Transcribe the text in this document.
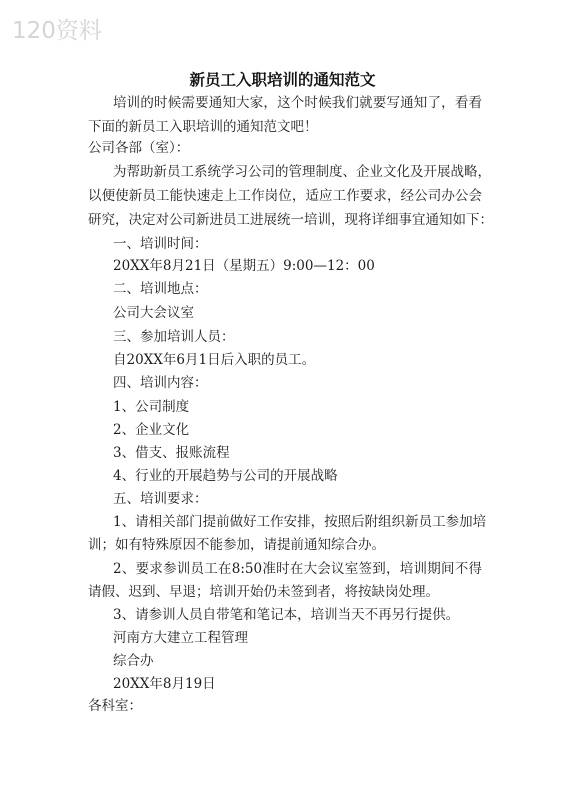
120资料
新员工入职培训的通知范文
培训的时候需要通知大家，这个时候我们就要写通知了，看看
下面的新员工入职培训的通知范文吧！
公司各部（室）：
为帮助新员工系统学习公司的管理制度、企业文化及开展战略，
以便使新员工能快速走上工作岗位，适应工作要求，经公司办公会
研究，决定对公司新进员工进展统一培训，现将详细事宜通知如下：
一、培训时间：
20XX年8月21日（星期五）9:00—12：00
二、培训地点：
公司大会议室
三、参加培训人员：
自20XX年6月1日后入职的员工。
四、培训内容：
1、公司制度
2、企业文化
3、借支、报账流程
4、行业的开展趋势与公司的开展战略
五、培训要求：
1、请相关部门提前做好工作安排，按照后附组织新员工参加培
训；如有特殊原因不能参加，请提前通知综合办。
2、要求参训员工在8:50准时在大会议室签到，培训期间不得
请假、迟到、早退；培训开始仍未签到者，将按缺岗处理。
3、请参训人员自带笔和笔记本，培训当天不再另行提供。
河南方大建立工程管理
综合办
20XX年8月19日
各科室：
